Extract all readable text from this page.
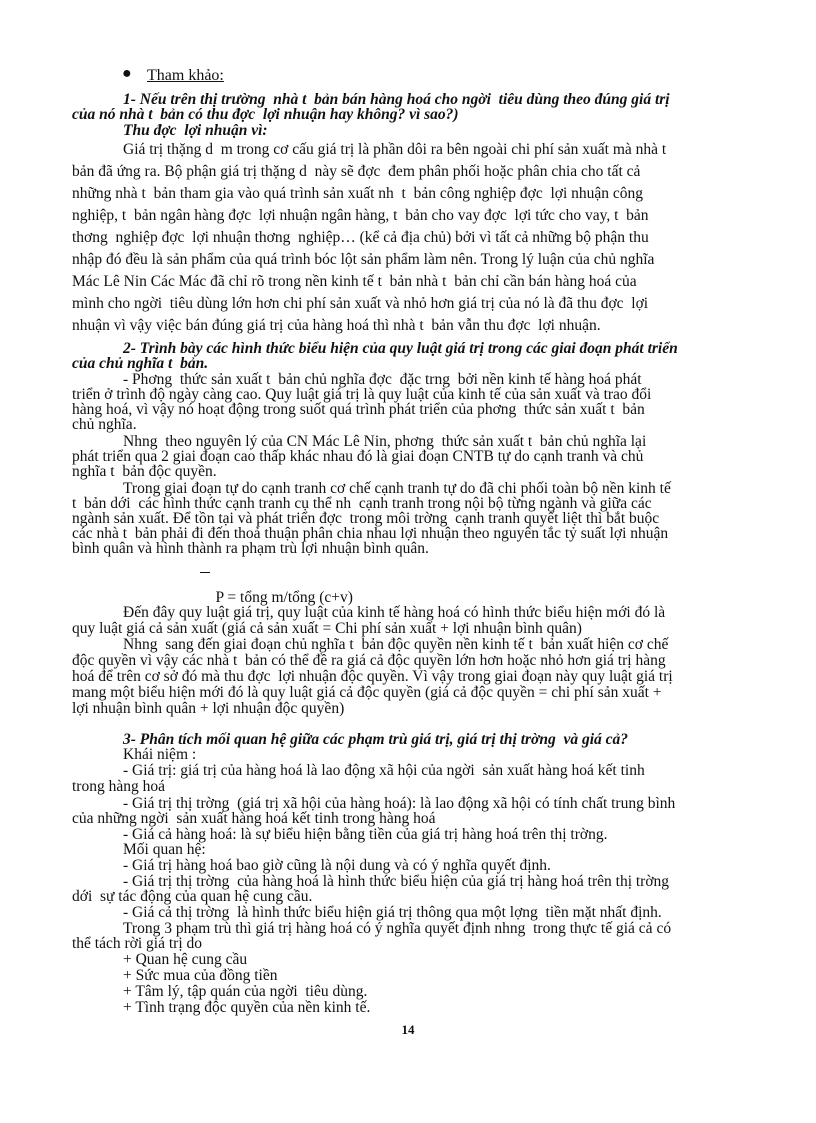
● Tham khảo:
1- Nếu trên thị trường  nhà t  bản bán hàng hoá cho ngời  tiêu dùng theo đúng giá trị
của nó nhà t  bản có thu đợc  lợi nhuận hay không? vì sao?)
Thu đợc  lợi nhuận vì:
Giá trị thặng d  m trong cơ cấu giá trị là phần dôi ra bên ngoài chi phí sản xuất mà nhà t
bản đã ứng ra. Bộ phận giá trị thặng d  này sẽ đợc  đem phân phối hoặc phân chia cho tất cả
những nhà t  bản tham gia vào quá trình sản xuất nh  t  bản công nghiệp đợc  lợi nhuận công
nghiệp, t  bản ngân hàng đợc  lợi nhuận ngân hàng, t  bản cho vay đợc  lợi tức cho vay, t  bản
thơng  nghiệp đợc  lợi nhuận thơng  nghiệp… (kể cả địa chủ) bởi vì tất cả những bộ phận thu
nhập đó đều là sản phẩm của quá trình bóc lột sản phẩm làm nên. Trong lý luận của chủ nghĩa
Mác Lê Nin Các Mác đã chỉ rõ trong nền kinh tế t  bản nhà t  bản chỉ cần bán hàng hoá của
mình cho ngời  tiêu dùng lớn hơn chi phí sản xuất và nhỏ hơn giá trị của nó là đã thu đợc  lợi
nhuận vì vậy việc bán đúng giá trị của hàng hoá thì nhà t  bản vẫn thu đợc  lợi nhuận.
2- Trình bày các hình thức biểu hiện của quy luật giá trị trong các giai đoạn phát triển
của chủ nghĩa t  bản.
- Phơng  thức sản xuất t  bản chủ nghĩa đợc  đặc trng  bởi nền kinh tế hàng hoá phát
triển ở trình độ ngày càng cao. Quy luật giá trị là quy luật của kinh tế của sản xuất và trao đổi
hàng hoá, vì vậy nó hoạt động trong suốt quá trình phát triển của phơng  thức sản xuất t  bản
chủ nghĩa.
Nhng  theo nguyên lý của CN Mác Lê Nin, phơng  thức sản xuất t  bản chủ nghĩa lại
phát triển qua 2 giai đoạn cao thấp khác nhau đó là giai đoạn CNTB tự do cạnh tranh và chủ
nghĩa t  bản độc quyền.
Trong giai đoạn tự do cạnh tranh cơ chế cạnh tranh tự do đã chi phối toàn bộ nền kinh tế
t  bản dới  các hình thức cạnh tranh cụ thể nh  cạnh tranh trong nội bộ từng ngành và giữa các
ngành sản xuất. Để tồn tại và phát triển đợc  trong môi trờng  cạnh tranh quyết liệt thì bắt buộc
các nhà t  bản phải đi đến thoả thuận phân chia nhau lợi nhuận theo nguyên tắc tỷ suất lợi nhuận
bình quân và hình thành ra phạm trù lợi nhuận bình quân.

P = tổng m/tổng (c+v)

Đến đây quy luật giá trị, quy luật của kinh tế hàng hoá có hình thức biểu hiện mới đó là
quy luật giá cả sản xuất (giá cả sản xuất = Chi phí sản xuất + lợi nhuận bình quân)
Nhng  sang đến giai đoạn chủ nghĩa t  bản độc quyền nền kinh tế t  bản xuất hiện cơ chế
độc quyền vì vậy các nhà t  bản có thể đề ra giá cả độc quyền lớn hơn hoặc nhỏ hơn giá trị hàng
hoá để trên cơ sở đó mà thu đợc  lợi nhuận độc quyền. Vì vậy trong giai đoạn này quy luật giá trị
mang một biểu hiện mới đó là quy luật giá cả độc quyền (giá cả độc quyền = chi phí sản xuất +
lợi nhuận bình quân + lợi nhuận độc quyền)
3- Phân tích mối quan hệ giữa các phạm trù giá trị, giá trị thị trờng  và giá cả?
Khái niệm :
- Giá trị: giá trị của hàng hoá là lao động xã hội của ngời  sản xuất hàng hoá kết tinh
trong hàng hoá
- Giá trị thị trờng  (giá trị xã hội của hàng hoá): là lao động xã hội có tính chất trung bình
của những ngời  sản xuất hàng hoá kết tinh trong hàng hoá
- Giá cả hàng hoá: là sự biểu hiện bằng tiền của giá trị hàng hoá trên thị trờng.
Mối quan hệ:
- Giá trị hàng hoá bao giờ cũng là nội dung và có ý nghĩa quyết định.
- Giá trị thị trờng  của hàng hoá là hình thức biểu hiện của giá trị hàng hoá trên thị trờng
dới  sự tác động của quan hệ cung cầu.
- Giá cả thị trờng  là hình thức biểu hiện giá trị thông qua một lợng  tiền mặt nhất định.
Trong 3 phạm trù thì giá trị hàng hoá có ý nghĩa quyết định nhng  trong thực tế giá cả có
thể tách rời giá trị do
+ Quan hệ cung cầu
+ Sức mua của đồng tiền
+ Tâm lý, tập quán của ngời  tiêu dùng.
+ Tình trạng độc quyền của nền kinh tế.
14
